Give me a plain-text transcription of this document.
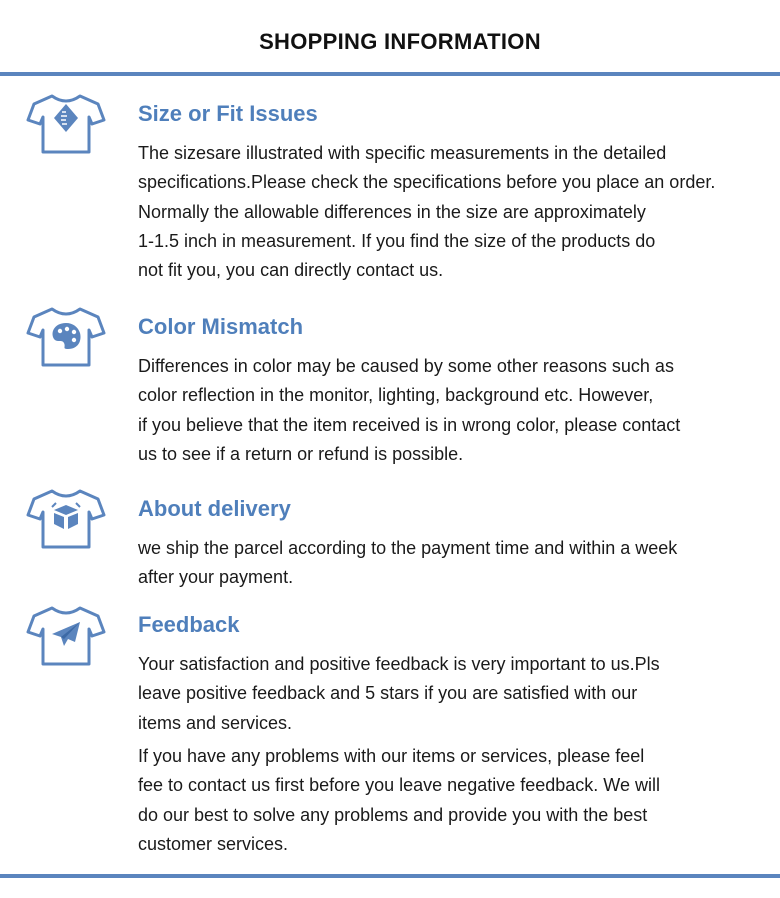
SHOPPING INFORMATION
Size or Fit Issues

The sizesare illustrated with specific measurements in the detailed
specifications.Please check the specifications before you place an order.
Normally the allowable differences in the size are approximately
1-1.5 inch in measurement. If you find the size of the products do
not fit you, you can directly contact us.

Color Mismatch

Differences in color may be caused by some other reasons such as
color reflection in the monitor, lighting, background etc. However,
if you believe that the item received is in wrong color, please contact
us to see if a return or refund is possible.

About delivery

we ship the parcel according to the payment time and within a week
after your payment.

Feedback

Your satisfaction and positive feedback is very important to us.Pls
leave positive feedback and 5 stars if you are satisfied with our
items and services.

If you have any problems with our items or services, please feel
fee to contact us first before you leave negative feedback. We will
do our best to solve any problems and provide you with the best
customer services.
